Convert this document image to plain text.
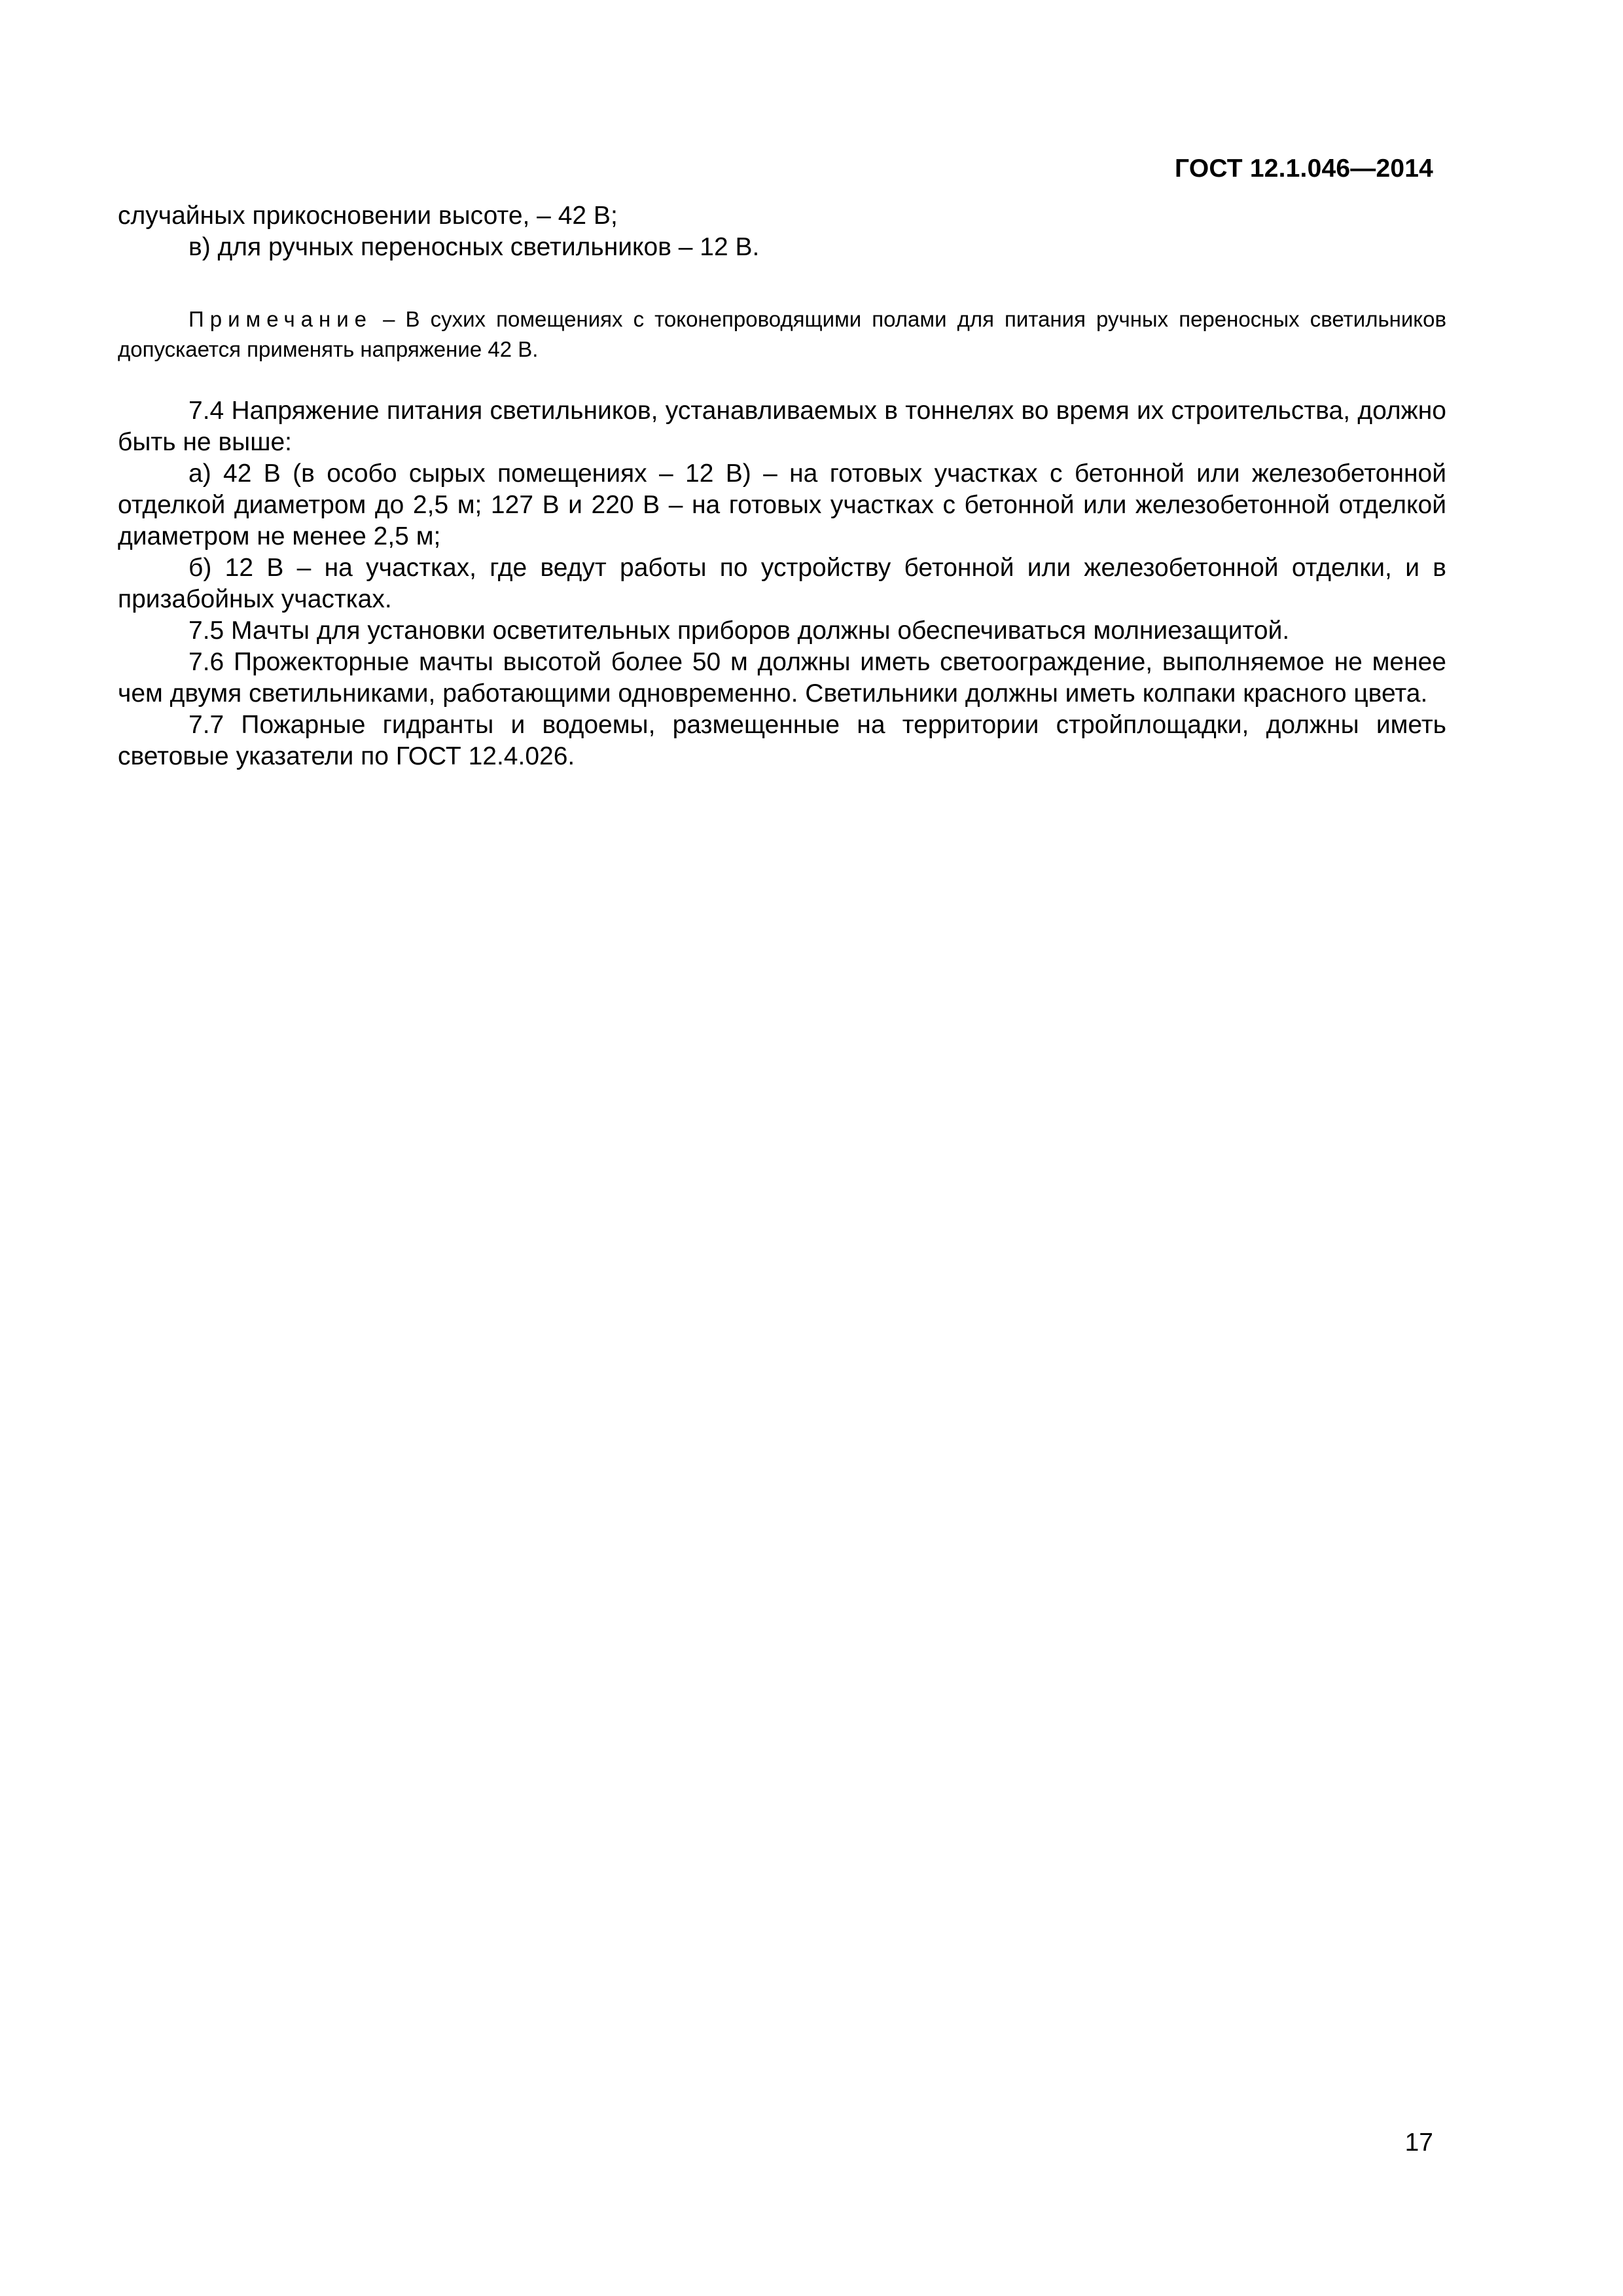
ГОСТ 12.1.046—2014

случайных прикосновении высоте, – 42 В;

в) для ручных переносных светильников – 12 В.

Примечание – В сухих помещениях с токонепроводящими полами для питания ручных переносных светильников допускается применять напряжение 42 В.

7.4 Напряжение питания светильников, устанавливаемых в тоннелях во время их строительства, должно быть не выше:

а) 42 В (в особо сырых помещениях – 12 В) – на готовых участках с бетонной или железобетонной отделкой диаметром до 2,5 м; 127 В и 220 В – на готовых участках с бетонной или железобетонной отделкой диаметром не менее 2,5 м;

б) 12 В – на участках, где ведут работы по устройству бетонной или железобетонной отделки, и в призабойных участках.

7.5 Мачты для установки осветительных приборов должны обеспечиваться молниезащитой.

7.6 Прожекторные мачты высотой более 50 м должны иметь светоограждение, выполняемое не менее чем двумя светильниками, работающими одновременно. Светильники должны иметь колпаки красного цвета.

7.7 Пожарные гидранты и водоемы, размещенные на территории стройплощадки, должны иметь световые указатели по ГОСТ 12.4.026.

17
